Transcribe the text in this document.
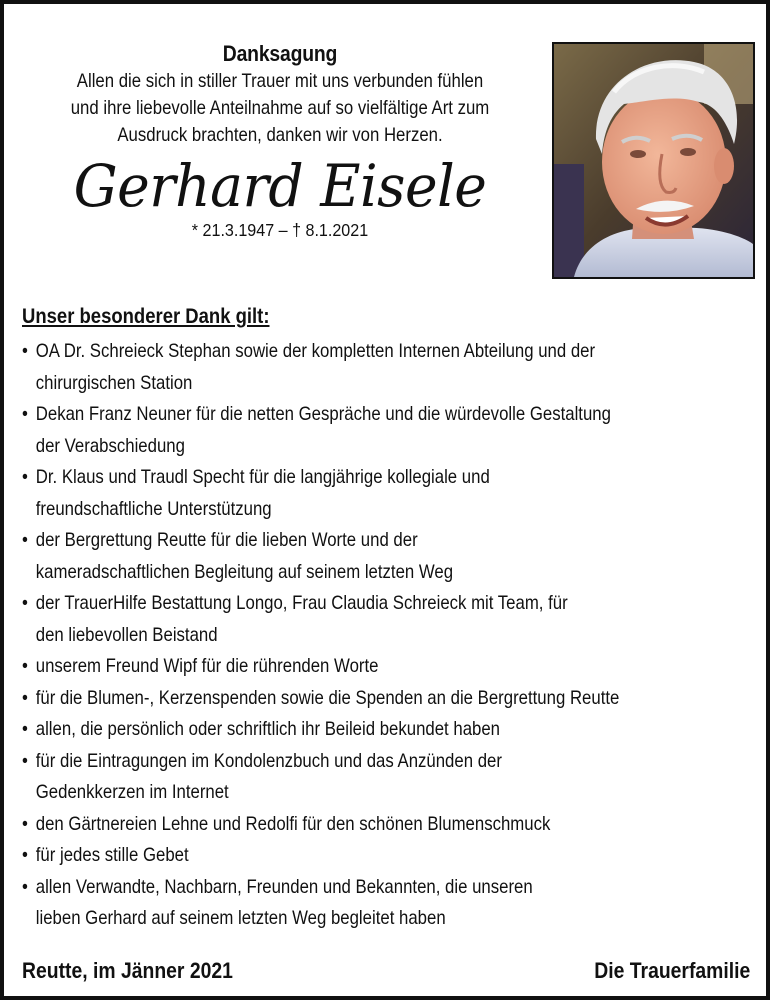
Danksagung
Allen die sich in stiller Trauer mit uns verbunden fühlen
und ihre liebevolle Anteilnahme auf so vielfältige Art zum
Ausdruck brachten, danken wir von Herzen.
Gerhard Eisele
* 21.3.1947 – † 8.1.2021
Unser besonderer Dank gilt:
• OA Dr. Schreieck Stephan sowie der kompletten Internen Abteilung und der
chirurgischen Station
• Dekan Franz Neuner für die netten Gespräche und die würdevolle Gestaltung
der Verabschiedung
• Dr. Klaus und Traudl Specht für die langjährige kollegiale und
freundschaftliche Unterstützung
• der Bergrettung Reutte für die lieben Worte und der
kameradschaftlichen Begleitung auf seinem letzten Weg
• der TrauerHilfe Bestattung Longo, Frau Claudia Schreieck mit Team, für
den liebevollen Beistand
• unserem Freund Wipf für die rührenden Worte
• für die Blumen-, Kerzenspenden sowie die Spenden an die Bergrettung Reutte
• allen, die persönlich oder schriftlich ihr Beileid bekundet haben
• für die Eintragungen im Kondolenzbuch und das Anzünden der
Gedenkkerzen im Internet
• den Gärtnereien Lehne und Redolfi für den schönen Blumenschmuck
• für jedes stille Gebet
• allen Verwandte, Nachbarn, Freunden und Bekannten, die unseren
lieben Gerhard auf seinem letzten Weg begleitet haben
Reutte, im Jänner 2021	Die Trauerfamilie
